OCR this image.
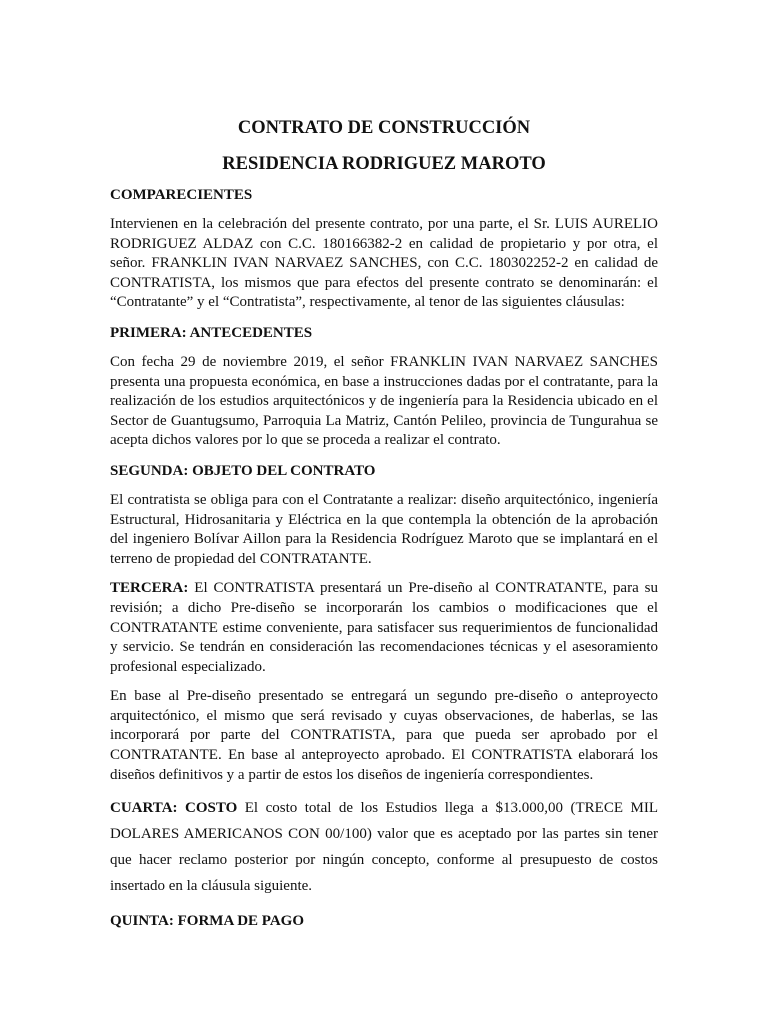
CONTRATO DE CONSTRUCCIÓN
RESIDENCIA RODRIGUEZ MAROTO
COMPARECIENTES

Intervienen en la celebración del presente contrato, por una parte, el Sr. LUIS AURELIO RODRIGUEZ ALDAZ con C.C. 180166382-2 en calidad de propietario y por otra, el señor. FRANKLIN IVAN NARVAEZ SANCHES, con C.C. 180302252-2 en calidad de CONTRATISTA, los mismos que para efectos del presente contrato se denominarán: el “Contratante” y el “Contratista”, respectivamente, al tenor de las siguientes cláusulas:

PRIMERA: ANTECEDENTES

Con fecha 29 de noviembre 2019, el señor FRANKLIN IVAN NARVAEZ SANCHES presenta una propuesta económica, en base a instrucciones dadas por el contratante, para la realización de los estudios arquitectónicos y de ingeniería para la Residencia ubicado en el Sector de Guantugsumo, Parroquia La Matriz, Cantón Pelileo, provincia de Tungurahua se acepta dichos valores por lo que se proceda a realizar el contrato.

SEGUNDA: OBJETO DEL CONTRATO

El contratista se obliga para con el Contratante a realizar: diseño arquitectónico, ingeniería Estructural, Hidrosanitaria y Eléctrica en la que contempla la obtención de la aprobación del ingeniero Bolívar Aillon para la Residencia Rodríguez Maroto que se implantará en el terreno de propiedad del CONTRATANTE.

TERCERA: El CONTRATISTA presentará un Pre-diseño al CONTRATANTE, para su revisión; a dicho Pre-diseño se incorporarán los cambios o modificaciones que el CONTRATANTE estime conveniente, para satisfacer sus requerimientos de funcionalidad y servicio. Se tendrán en consideración las recomendaciones técnicas y el asesoramiento profesional especializado.

En base al Pre-diseño presentado se entregará un segundo pre-diseño o anteproyecto arquitectónico, el mismo que será revisado y cuyas observaciones, de haberlas, se las incorporará por parte del CONTRATISTA, para que pueda ser aprobado por el CONTRATANTE. En base al anteproyecto aprobado. El CONTRATISTA elaborará los diseños definitivos y a partir de estos los diseños de ingeniería correspondientes.

CUARTA: COSTO El costo total de los Estudios llega a $13.000,00 (TRECE MIL DOLARES AMERICANOS CON 00/100) valor que es aceptado por las partes sin tener que hacer reclamo posterior por ningún concepto, conforme al presupuesto de costos insertado en la cláusula siguiente.

QUINTA: FORMA DE PAGO
